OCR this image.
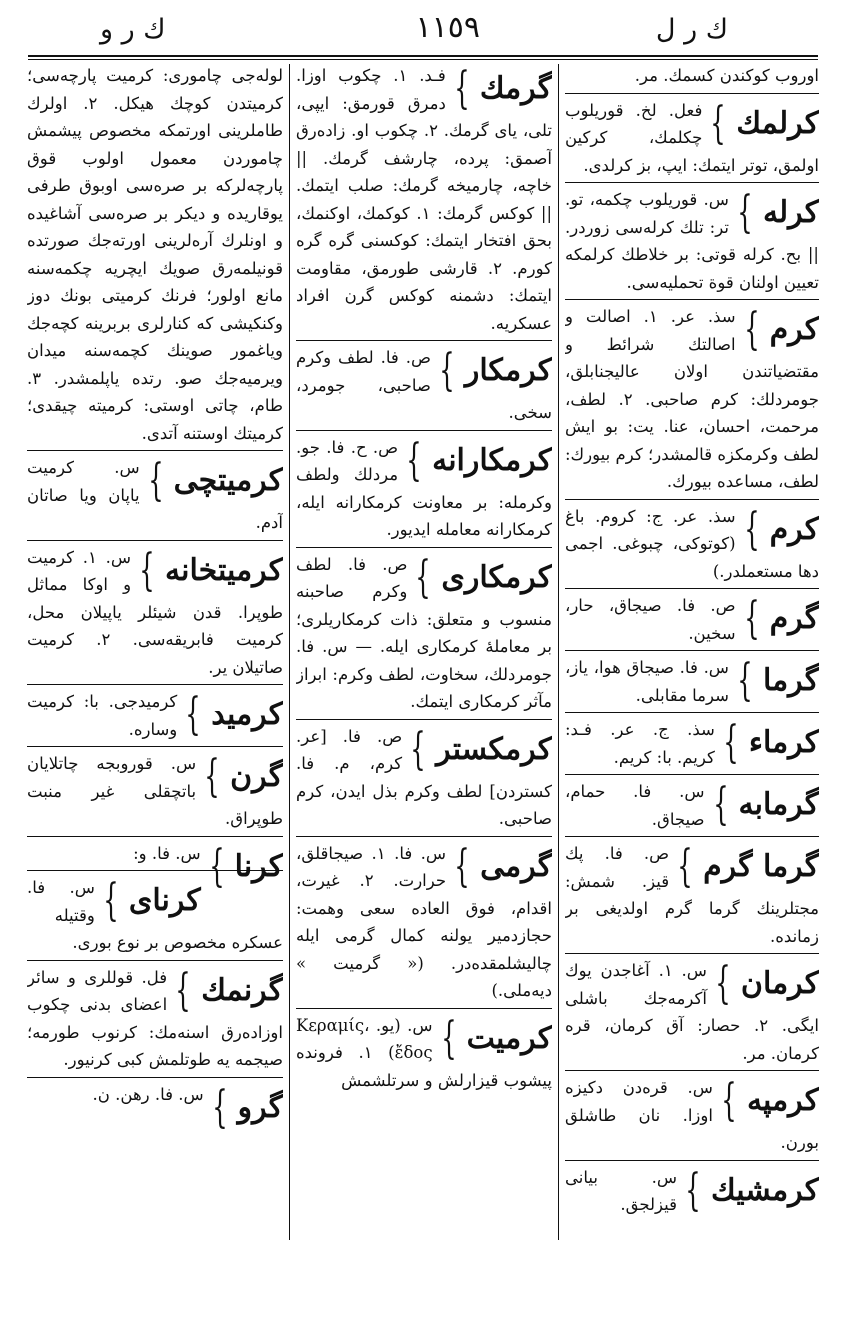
ك ر ل
١١٥٩
ك ر و

اوروب كوكندن كسمك. مر.

كرلمك
}

فعل. لخ. قوريلوب چكلمك، كركين اولمق، توتر ايتمك: ايپ، بز كرلدى.

كرله
}

س. قوريلوب چكمه، تو. تر: تلك كرله‌سى زوردر. || بح. كرله قوتى: بر خلاطك كرلمكه تعيين اولنان قوة تحمليه‌سى.

كرم
}

سذ. عر. ١. اصالت و اصالتك شرائط و مقتضياتندن اولان عاليجنابلق، جومردلك: كرم صاحبى. ٢. لطف، مرحمت، احسان، عنا. يت: بو ايش لطف وكرمكزه قالمشدر؛ كرم بيورك: لطف، مساعده بيورك.

كرم
}

سذ. عر. ج: كروم. باغ (كوتوكى، چبوغى. اجمى دها مستعملدر.)

گرم
}

ص. فا. صيجاق، حار، سخين.

گرما
}

س. فا. صيجاق هوا، ياز، سرما مقابلى.

كرماء
}

سذ. ج. عر. فـد: كريم. با: كريم.

گرمابه
}

س. فا. حمام، صيجاق.

گرما گرم
}

ص. فا. پك قيز. شمش: مجتلرينك گرما گرم اولديغى بر زمانده.

كرمان
}

س. ١. آغاجدن يوك آكرمه‌جك باشلى ايگى. ٢. حصار: آق كرمان، قره كرمان. مر.

كرمپه
}

س. قره‌دن دكيزه اوزا. نان طاشلق بورن.

كرمشيك
}

س. بيانى قيزلجق.

گرمك
}

فـد. ١. چكوب اوزا. دمرق قورمق: ايپى، تلى، ياى گرمك. ٢. چكوب او. زاده‌رق آصمق: پرده، چارشف گرمك. || خاچه، چارميخه گرمك: صلب ايتمك. || كوكس گرمك: ١. كوكمك، اوكنمك، بحق افتخار ايتمك: كوكسنى گره گره كورم. ٢. قارشى طورمق، مقاومت ايتمك: دشمنه كوكس گرن افراد عسكريه.

كرمكار
}

ص. فا. لطف وكرم صاحبى، جومرد، سخى.

كرمكارانه
}

ص. ح. فا. جو. مردلك ولطف وكرمله: بر معاونت كرمكارانه ايله، كرمكارانه معامله ايديور.

كرمكارى
}

ص. فا. لطف وكرم صاحبنه منسوب و متعلق: ذات كرمكاريلرى؛ بر معاملهٔ كرمكارى ايله. — س. فا. جومردلك، سخاوت، لطف وكرم: ابراز مآثر كرمكارى ايتمك.

كرمكستر
}

ص. فا. [عر. كرم، م. فا. كستردن] لطف وكرم بذل ايدن، كرم صاحبى.

گرمى
}

س. فا. ١. صيجاقلق، حرارت. ٢. غيرت، اقدام، فوق العاده سعى وهمت: حجازدمير يولنه كمال گرمى ايله چاليشلمقده‌در. (« گرميت » ديه‌ملى.)

كرميت
}

س. (يو. Κεραμίς، ἔδος) ١. فرونده پيشوب قيزارلش و سرتلشمش

لوله‌جى چامورى: كرميت پارچه‌سى؛ كرميتدن كوچك هيكل. ٢. اولرك طاملرينى اورتمكه مخصوص پيشمش چاموردن معمول اولوب قوق پارچه‌لركه بر صره‌سى اوبوق طرفى يوقاريده و ديكر بر صره‌سى آشاغيده و اونلرك آره‌لرينى اورته‌جك صورتده قونيلمه‌رق صويك ايچريه چكمه‌سنه مانع اولور؛ فرنك كرميتى بونك دوز وكنكيشى كه كنارلرى بربرينه كچه‌جك وياغمور صوينك كچمه‌سنه ميدان ويرميه‌جك صو. رتده ياپلمشدر. ٣. طام، چاتى اوستى: كرميته چيقدى؛ كرميتك اوستنه آتدى.

كرميتچى
}

س. كرميت ياپان ويا صاتان آدم.

كرميتخانه
}

س. ١. كرميت و اوكا مماثل طوپرا. قدن شيئلر ياپيلان محل، كرميت فابريقه‌سى. ٢. كرميت صاتيلان ير.

كرميد
}

كرميدجى. با: كرميت وساره.

گرن
}

س. قوروبجه چاتلايان باتچقلى غير منبت طوپراق.

كرنا
}

س. فا. و:

كرناى
}

س. فا. وقتيله عسكره مخصوص بر نوع بورى.

گرنمك
}

فل. قوللرى و سائر اعضاى بدنى چكوب اوزاده‌رق اسنه‌مك: كرنوب طورمه؛ صيجمه يه طوتلمش كبى كرنيور.

گرو
}

س. فا. رهن. ن.
